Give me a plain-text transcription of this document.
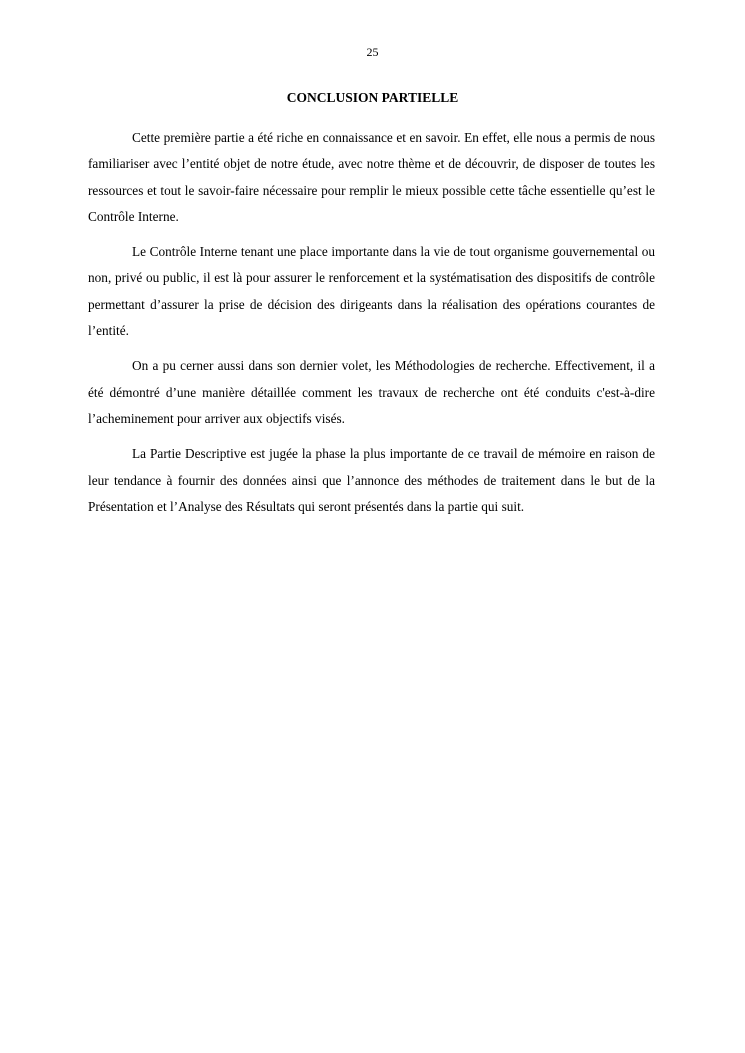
25
CONCLUSION PARTIELLE

Cette première partie a été riche en connaissance et en savoir. En effet, elle nous a permis de nous familiariser avec l’entité objet de notre étude, avec notre thème et de découvrir, de disposer de toutes les ressources et tout le savoir-faire nécessaire pour remplir le mieux possible cette tâche essentielle qu’est le Contrôle Interne.

Le Contrôle Interne tenant une place importante dans la vie de tout organisme gouvernemental ou non, privé ou public, il est là pour assurer le renforcement et la systématisation des dispositifs de contrôle permettant d’assurer la prise de décision des dirigeants dans la réalisation des opérations courantes de l’entité.

On a pu cerner aussi dans son dernier volet, les Méthodologies de recherche. Effectivement, il a été démontré d’une manière détaillée comment les travaux de recherche ont été conduits c'est-à-dire l’acheminement pour arriver aux objectifs visés.

La Partie Descriptive est jugée la phase la plus importante de ce travail de mémoire en raison de leur tendance à fournir des données ainsi que l’annonce des méthodes de traitement dans le but de la Présentation et l’Analyse des Résultats qui seront présentés dans la partie qui suit.
